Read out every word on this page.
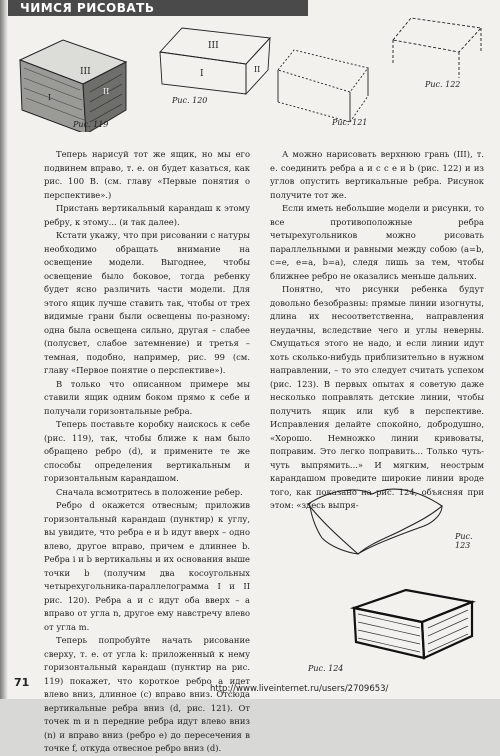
ЧИМСЯ РИСОВАТЬ
III
II
I
Рис. 119
III
I	II
Рис. 120
Рис. 121
Рис. 122

Теперь нарисуй тот же ящик, но мы его подвинем вправо, т. е. он будет казаться, как рис. 100 В. (см. главу «Первые понятия о перспективе».)

Пристань вертикальный карандаш к этому ребру, к этому... (и так далее).

Кстати укажу, что при рисовании с натуры необходимо обращать внимание на освещение модели. Выгоднее, чтобы освещение было боковое, тогда ребенку будет ясно различить части модели. Для этого ящик лучше ставить так, чтобы от трех видимые грани были освещены по-разному: одна была освещена сильно, другая – слабее (полусвет, слабое затемнение) и третья – темная, подобно, например, рис. 99 (см. главу «Первое понятие о перспективе»).

В только что описанном примере мы ставили ящик одним боком прямо к себе и получали горизонтальные ребра.

Теперь поставьте коробку наискось к себе (рис. 119), так, чтобы ближе к нам было обращено ребро (d), и примените те же способы определения вертикальным и горизонтальным карандашом.

Сначала всмотритесь в положение ребер.

Ребро d окажется отвесным; приложив горизонтальный карандаш (пунктир) к углу, вы увидите, что ребра e и b идут вверх – одно влево, другое вправо, причем e длиннее b. Ребра i и b вертикальны и их основания выше точки b (получим два косоугольных четырехугольника-параллелограмма I и II рис. 120). Ребра a и c идут оба вверх – a вправо от угла n, другое ему навстречу влево от угла m.

Теперь попробуйте начать рисование сверху, т. е. от угла k: приложенный к нему горизонтальный карандаш (пунктир на рис. 119) покажет, что короткое ребро a идет влево вниз, длинное (c) вправо вниз. Отсюда вертикальные ребра вниз (d, рис. 121). От точек m и n передние ребра идут влево вниз (n) и вправо вниз (ребро e) до пересечения в точке f, откуда отвесное ребро вниз (d).

А можно нарисовать верхнюю грань (III), т. е. соединить ребра a и c с e и b (рис. 122) и из углов опустить вертикальные ребра. Рисунок получите тот же.

Если иметь небольшие модели и рисунки, то все противоположные ребра четырехугольников можно рисовать параллельными и равными между собою (a=b, c=e, e=a, b=a), следя лишь за тем, чтобы ближнее ребро не оказались меньше дальних.

Понятно, что рисунки ребенка будут довольно безобразны: прямые линии изогнуты, длина их несоответственна, направления неудачны, вследствие чего и углы неверны. Смущаться этого не надо, и если линии идут хоть сколько-нибудь приблизительно в нужном направлении, – то это следует считать успехом (рис. 123). В первых опытах я советую даже несколько поправлять детские линии, чтобы получить ящик или куб в перспективе. Исправления делайте спокойно, добродушно, «Хорошо. Немножко линии кривоваты, поправим. Это легко поправить... Только чуть-чуть выпрямить...» И мягким, неострым карандашом проведите широкие линии вроде того, как показано на рис. 124, объясняя при этом: «здесь выпря-

Рис. 123
Рис. 124
71	http://www.liveinternet.ru/users/2709653/
